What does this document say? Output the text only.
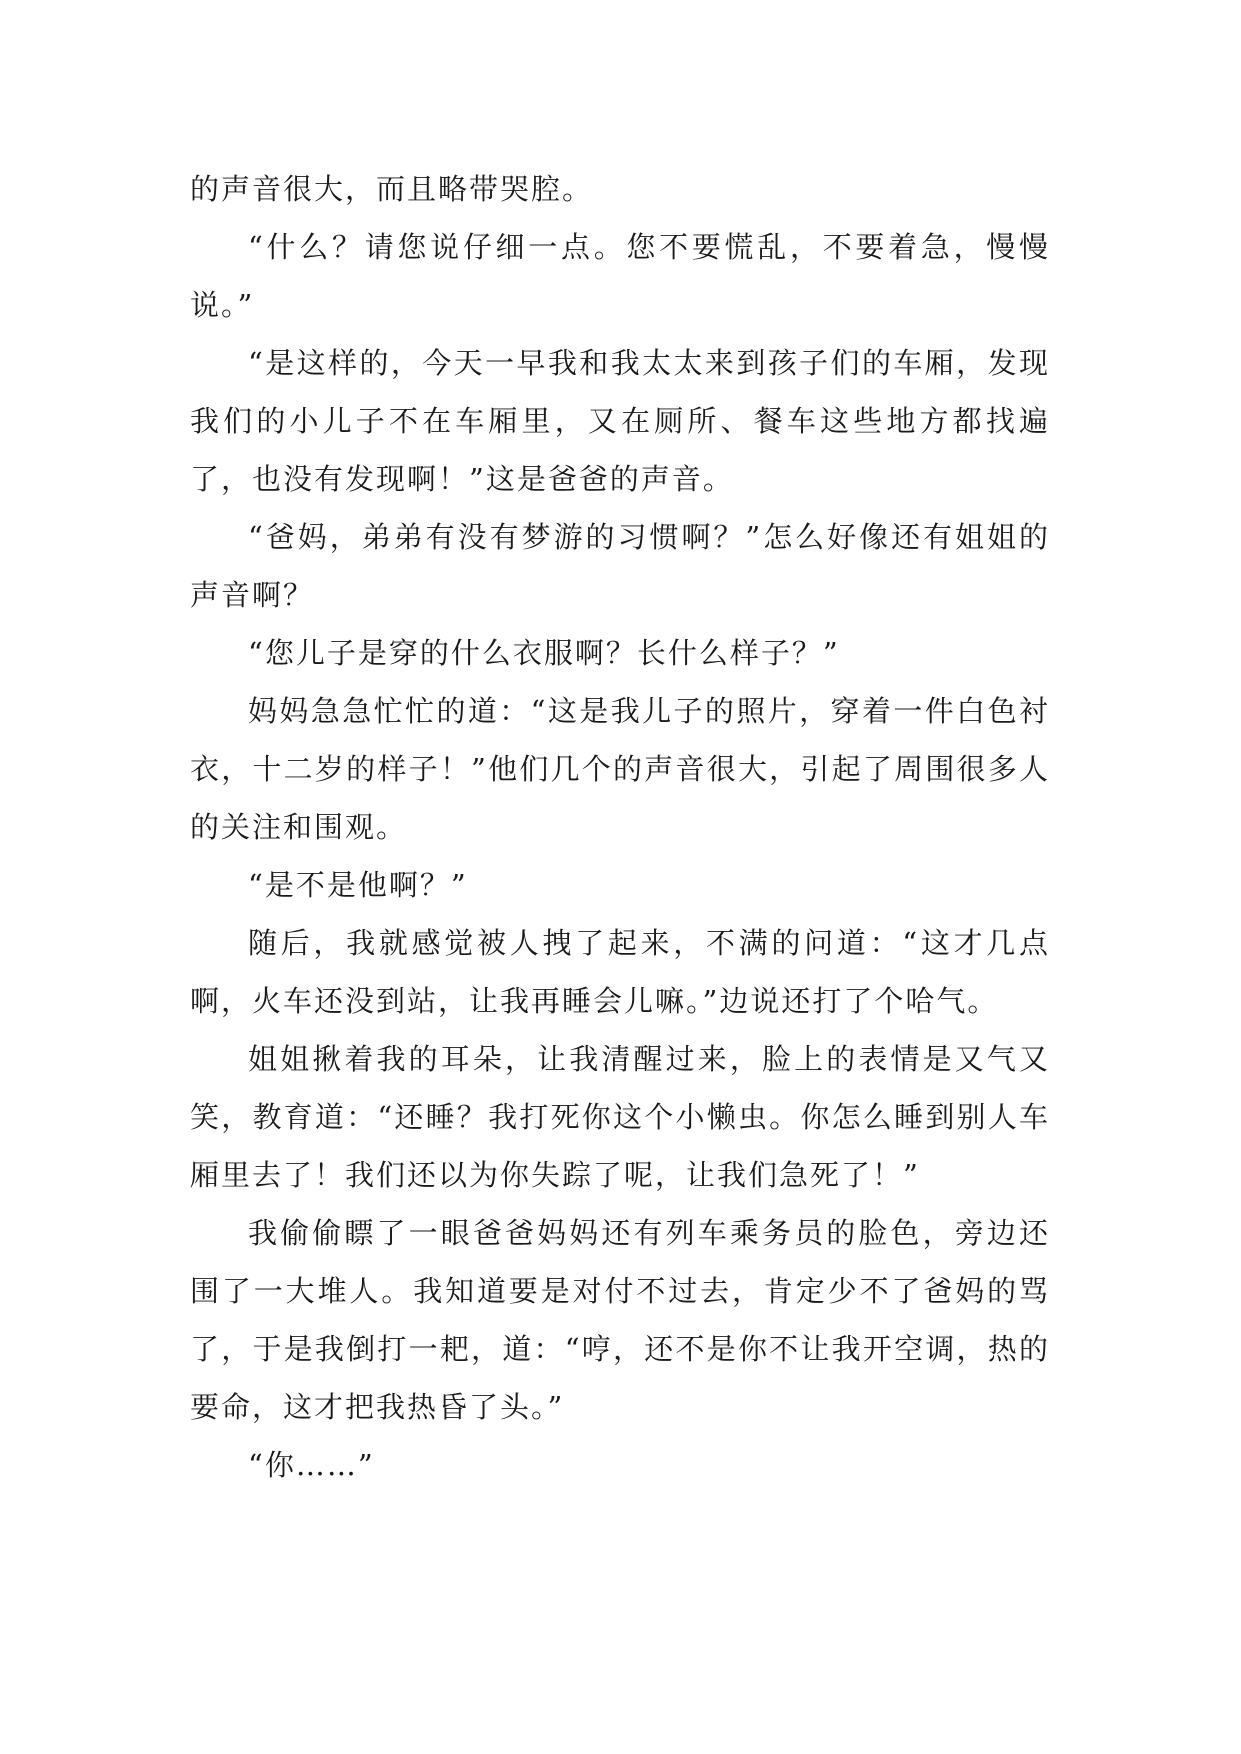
的声音很大，而且略带哭腔。

“什么？请您说仔细一点。您不要慌乱，不要着急，慢慢说。”

“是这样的，今天一早我和我太太来到孩子们的车厢，发现我们的小儿子不在车厢里，又在厕所、餐车这些地方都找遍了，也没有发现啊！”这是爸爸的声音。

“爸妈，弟弟有没有梦游的习惯啊？”怎么好像还有姐姐的声音啊？

“您儿子是穿的什么衣服啊？长什么样子？”

妈妈急急忙忙的道：“这是我儿子的照片，穿着一件白色衬衣，十二岁的样子！”他们几个的声音很大，引起了周围很多人的关注和围观。

“是不是他啊？”

随后，我就感觉被人拽了起来，不满的问道：“这才几点啊，火车还没到站，让我再睡会儿嘛。”边说还打了个哈气。

姐姐揪着我的耳朵，让我清醒过来，脸上的表情是又气又笑，教育道：“还睡？我打死你这个小懒虫。你怎么睡到别人车厢里去了！我们还以为你失踪了呢，让我们急死了！”

我偷偷瞟了一眼爸爸妈妈还有列车乘务员的脸色，旁边还围了一大堆人。我知道要是对付不过去，肯定少不了爸妈的骂了，于是我倒打一耙，道：“哼，还不是你不让我开空调，热的要命，这才把我热昏了头。”

“你……”
